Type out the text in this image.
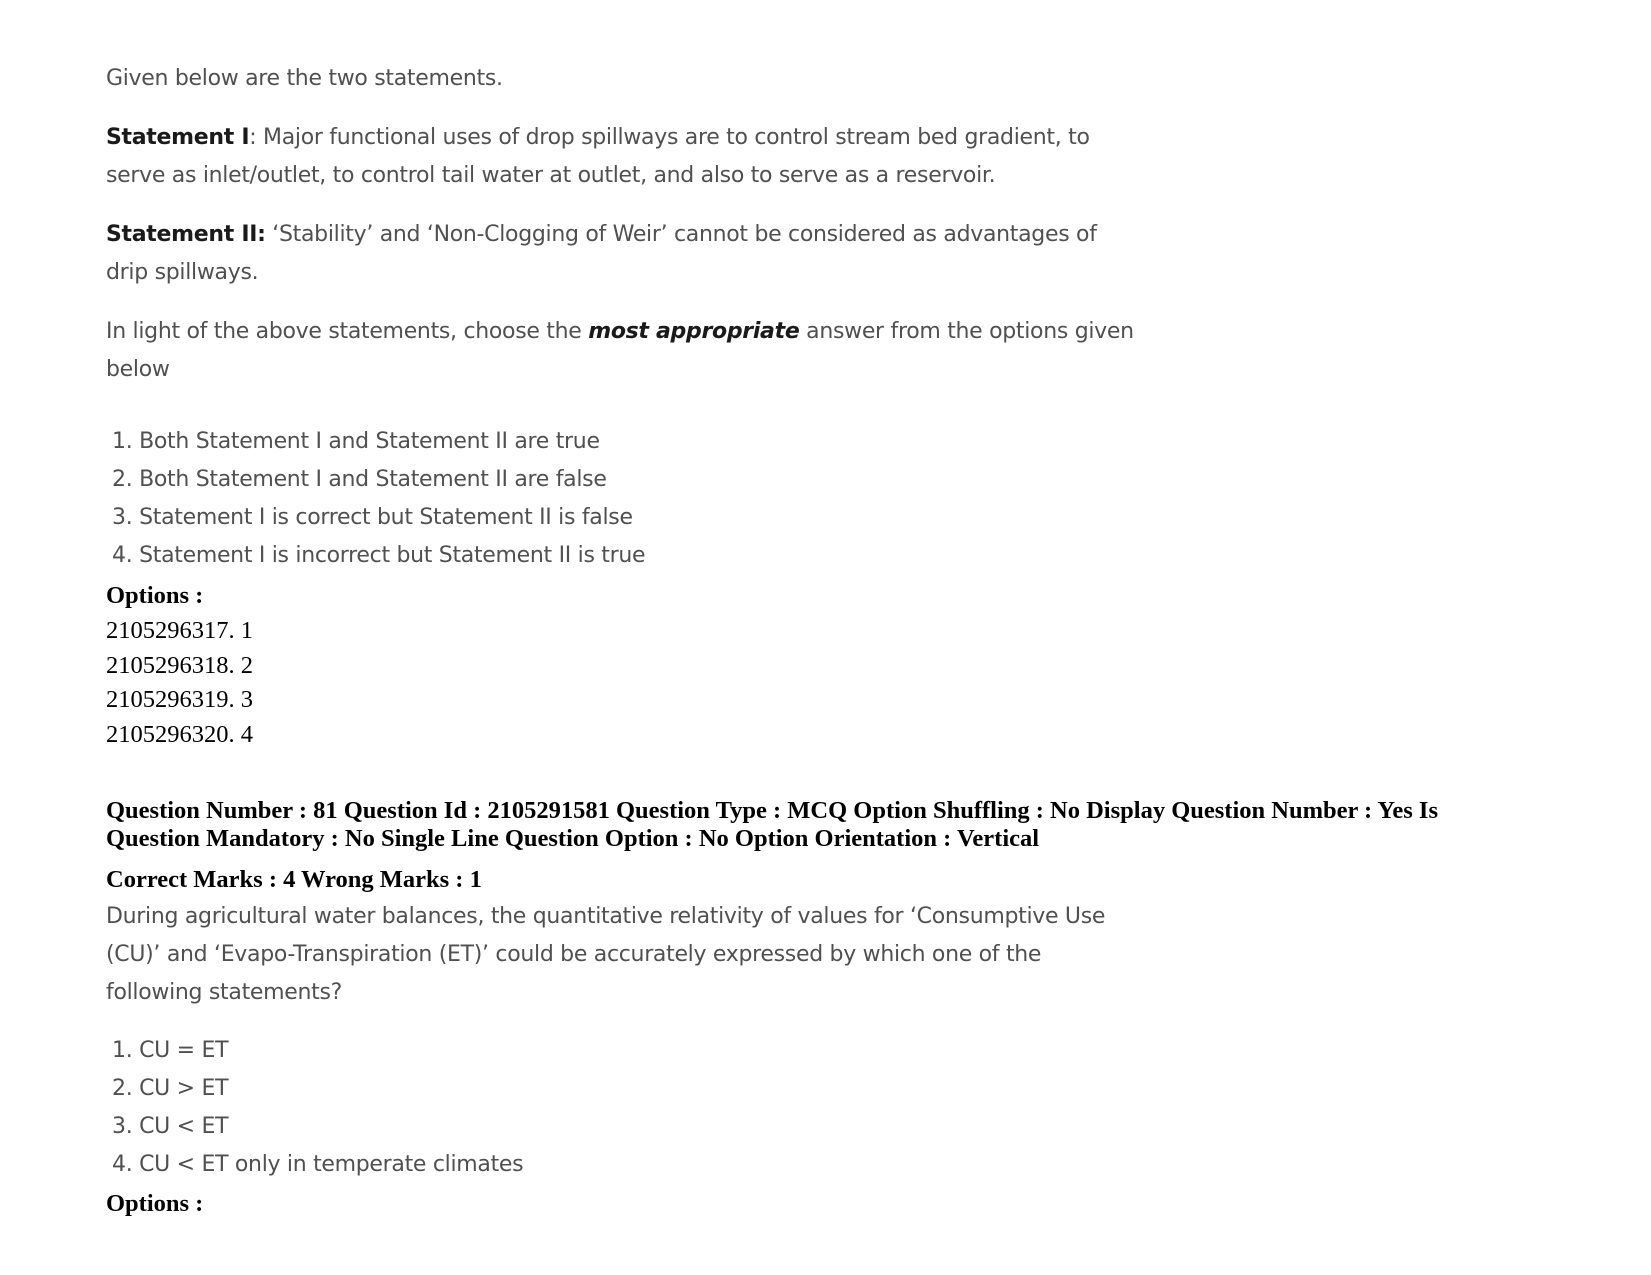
Given below are the two statements.

Statement I: Major functional uses of drop spillways are to control stream bed gradient, to
serve as inlet/outlet, to control tail water at outlet, and also to serve as a reservoir.
Statement II: ‘Stability’ and ‘Non-Clogging of Weir’ cannot be considered as advantages of
drip spillways.
In light of the above statements, choose the most appropriate answer from the options given
below
1. Both Statement I and Statement II are true
2. Both Statement I and Statement II are false
3. Statement I is correct but Statement II is false
4. Statement I is incorrect but Statement II is true

Options :

2105296317. 1
2105296318. 2
2105296319. 3
2105296320. 4
Question Number : 81 Question Id : 2105291581 Question Type : MCQ Option Shuffling : No Display Question Number : Yes Is
Question Mandatory : No Single Line Question Option : No Option Orientation : Vertical

Correct Marks : 4 Wrong Marks : 1

During agricultural water balances, the quantitative relativity of values for ‘Consumptive Use
(CU)’ and ‘Evapo-Transpiration (ET)’ could be accurately expressed by which one of the
following statements?
1. CU = ET
2. CU > ET
3. CU < ET
4. CU < ET only in temperate climates

Options :
